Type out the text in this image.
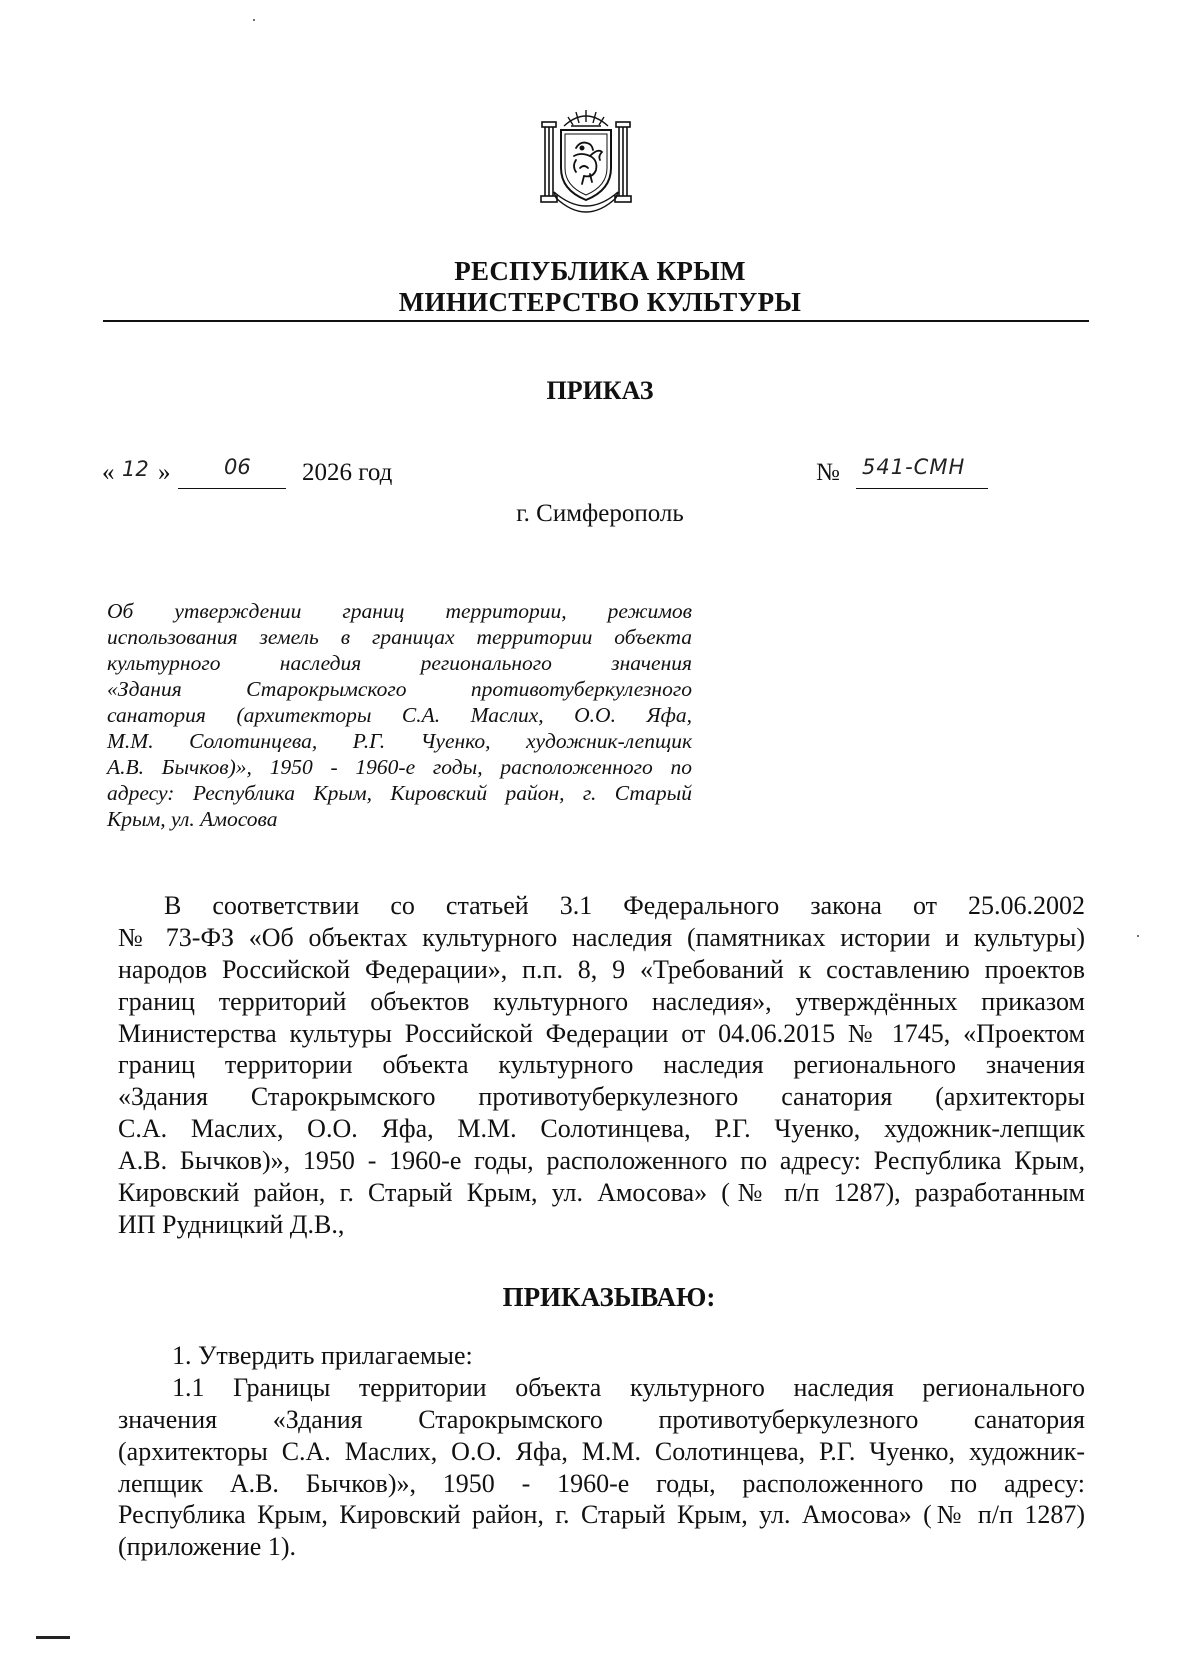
РЕСПУБЛИКА КРЫМ
МИНИСТЕРСТВО КУЛЬТУРЫ
ПРИКАЗ
« 12 »	06 2026 год	№ 541-СМН
г. Симферополь
Об утверждении границ территории, режимов
использования земель в границах территории объекта
культурного наследия регионального значения
«Здания Старокрымского противотуберкулезного
санатория (архитекторы С.А. Маслих, О.О. Яфа,
М.М. Солотинцева, Р.Г. Чуенко, художник-лепщик
А.В. Бычков)», 1950 - 1960-е годы, расположенного по
адресу: Республика Крым, Кировский район, г. Старый
Крым, ул. Амосова
В соответствии со статьей 3.1 Федерального закона от 25.06.2002
№ 73-ФЗ «Об объектах культурного наследия (памятниках истории и культуры)
народов Российской Федерации», п.п. 8, 9 «Требований к составлению проектов
границ территорий объектов культурного наследия», утверждённых приказом
Министерства культуры Российской Федерации от 04.06.2015 № 1745, «Проектом
границ территории объекта культурного наследия регионального значения
«Здания Старокрымского противотуберкулезного санатория (архитекторы
С.А. Маслих, О.О. Яфа, М.М. Солотинцева, Р.Г. Чуенко, художник-лепщик
А.В. Бычков)», 1950 - 1960-е годы, расположенного по адресу: Республика Крым,
Кировский район, г. Старый Крым, ул. Амосова» (№ п/п 1287), разработанным
ИП Рудницкий Д.В.,
ПРИКАЗЫВАЮ:
1. Утвердить прилагаемые:
1.1 Границы территории объекта культурного наследия регионального
значения «Здания Старокрымского противотуберкулезного санатория
(архитекторы С.А. Маслих, О.О. Яфа, М.М. Солотинцева, Р.Г. Чуенко, художник-
лепщик А.В. Бычков)», 1950 - 1960-е годы, расположенного по адресу:
Республика Крым, Кировский район, г. Старый Крым, ул. Амосова» (№ п/п 1287)
(приложение 1).
